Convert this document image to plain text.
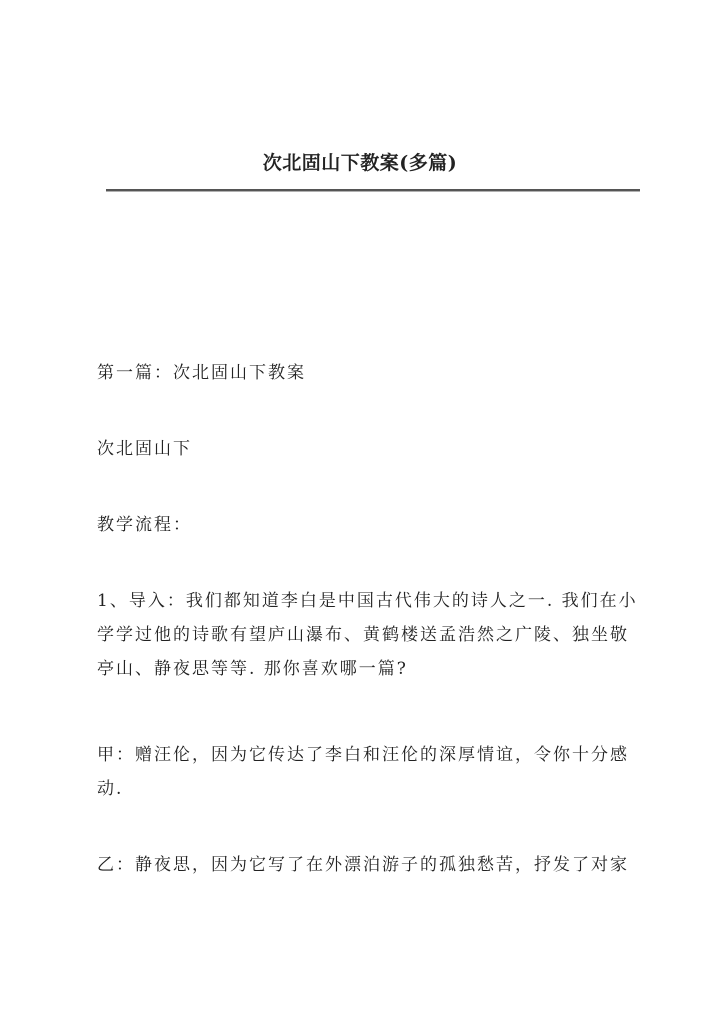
次北固山下教案(多篇)

第一篇：次北固山下教案

次北固山下

教学流程：

1、导入：我们都知道李白是中国古代伟大的诗人之一. 我们在小学学过他的诗歌有望庐山瀑布、黄鹤楼送孟浩然之广陵、独坐敬亭山、静夜思等等. 那你喜欢哪一篇?

甲：赠汪伦，因为它传达了李白和汪伦的深厚情谊，令你十分感动.

乙：静夜思，因为它写了在外漂泊游子的孤独愁苦，抒发了对家
